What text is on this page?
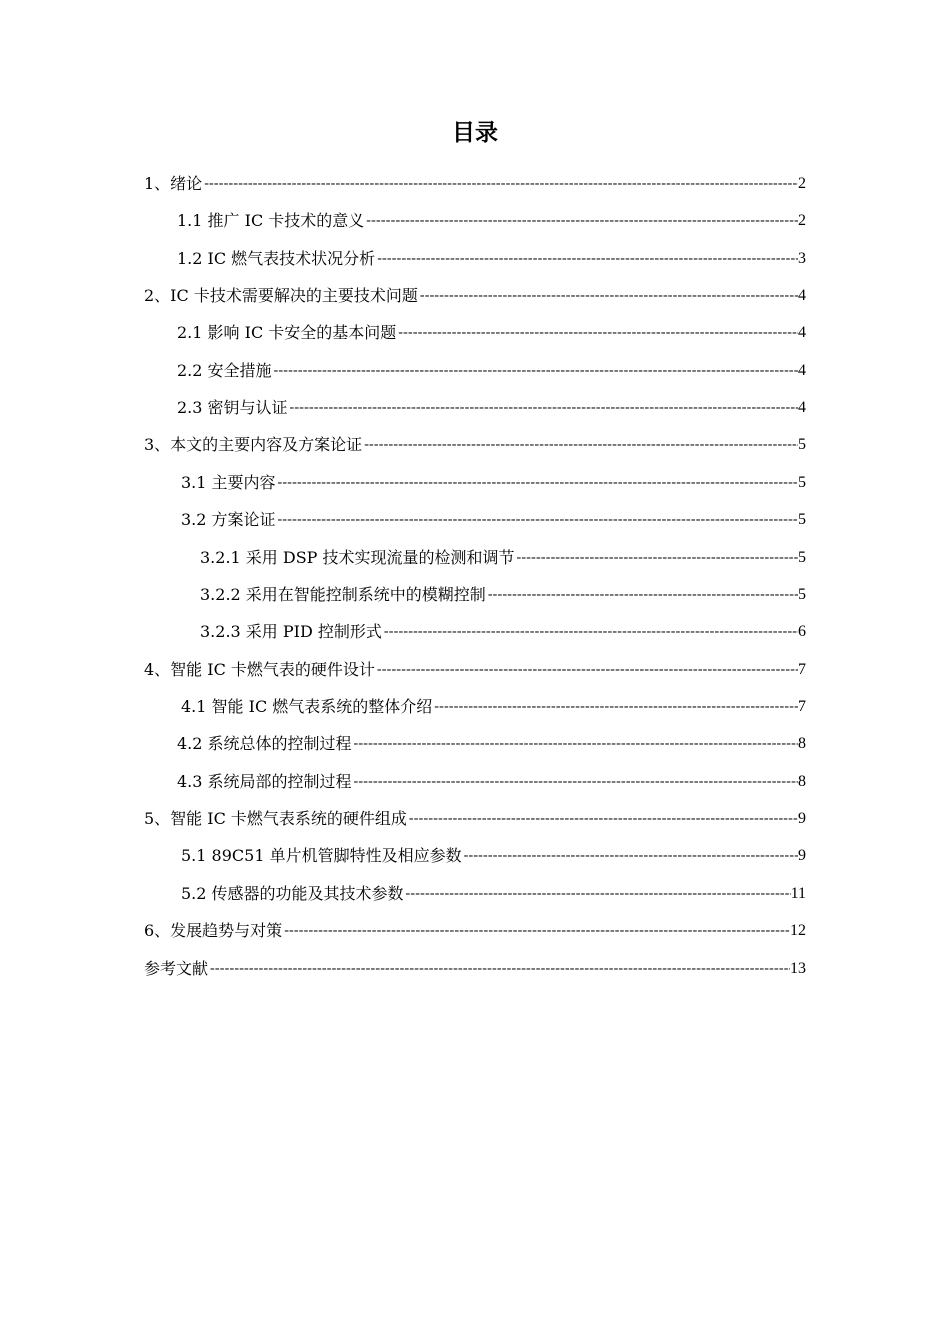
目录
1、绪论 -----	2
1.1 推广 IC 卡技术的意义 -----	2
1.2 IC 燃气表技术状况分析 -----	3
2、IC 卡技术需要解决的主要技术问题 -----	4
2.1 影响 IC 卡安全的基本问题 -----	4
2.2 安全措施 -----	4
2.3 密钥与认证 -----	4
3、本文的主要内容及方案论证 -----	5
3.1 主要内容 -----	5
3.2 方案论证 -----	5
3.2.1 采用 DSP 技术实现流量的检测和调节 -----	5
3.2.2 采用在智能控制系统中的模糊控制 -----	5
3.2.3 采用 PID 控制形式 -----	6
4、智能 IC 卡燃气表的硬件设计 -----	7
4.1 智能 IC 燃气表系统的整体介绍 -----	7
4.2 系统总体的控制过程 -----	8
4.3 系统局部的控制过程 -----	8
5、智能 IC 卡燃气表系统的硬件组成 -----	9
5.1 89C51 单片机管脚特性及相应参数 -----	9
5.2 传感器的功能及其技术参数 -----	11
6、发展趋势与对策 -----	12
参考文献 -----	13
